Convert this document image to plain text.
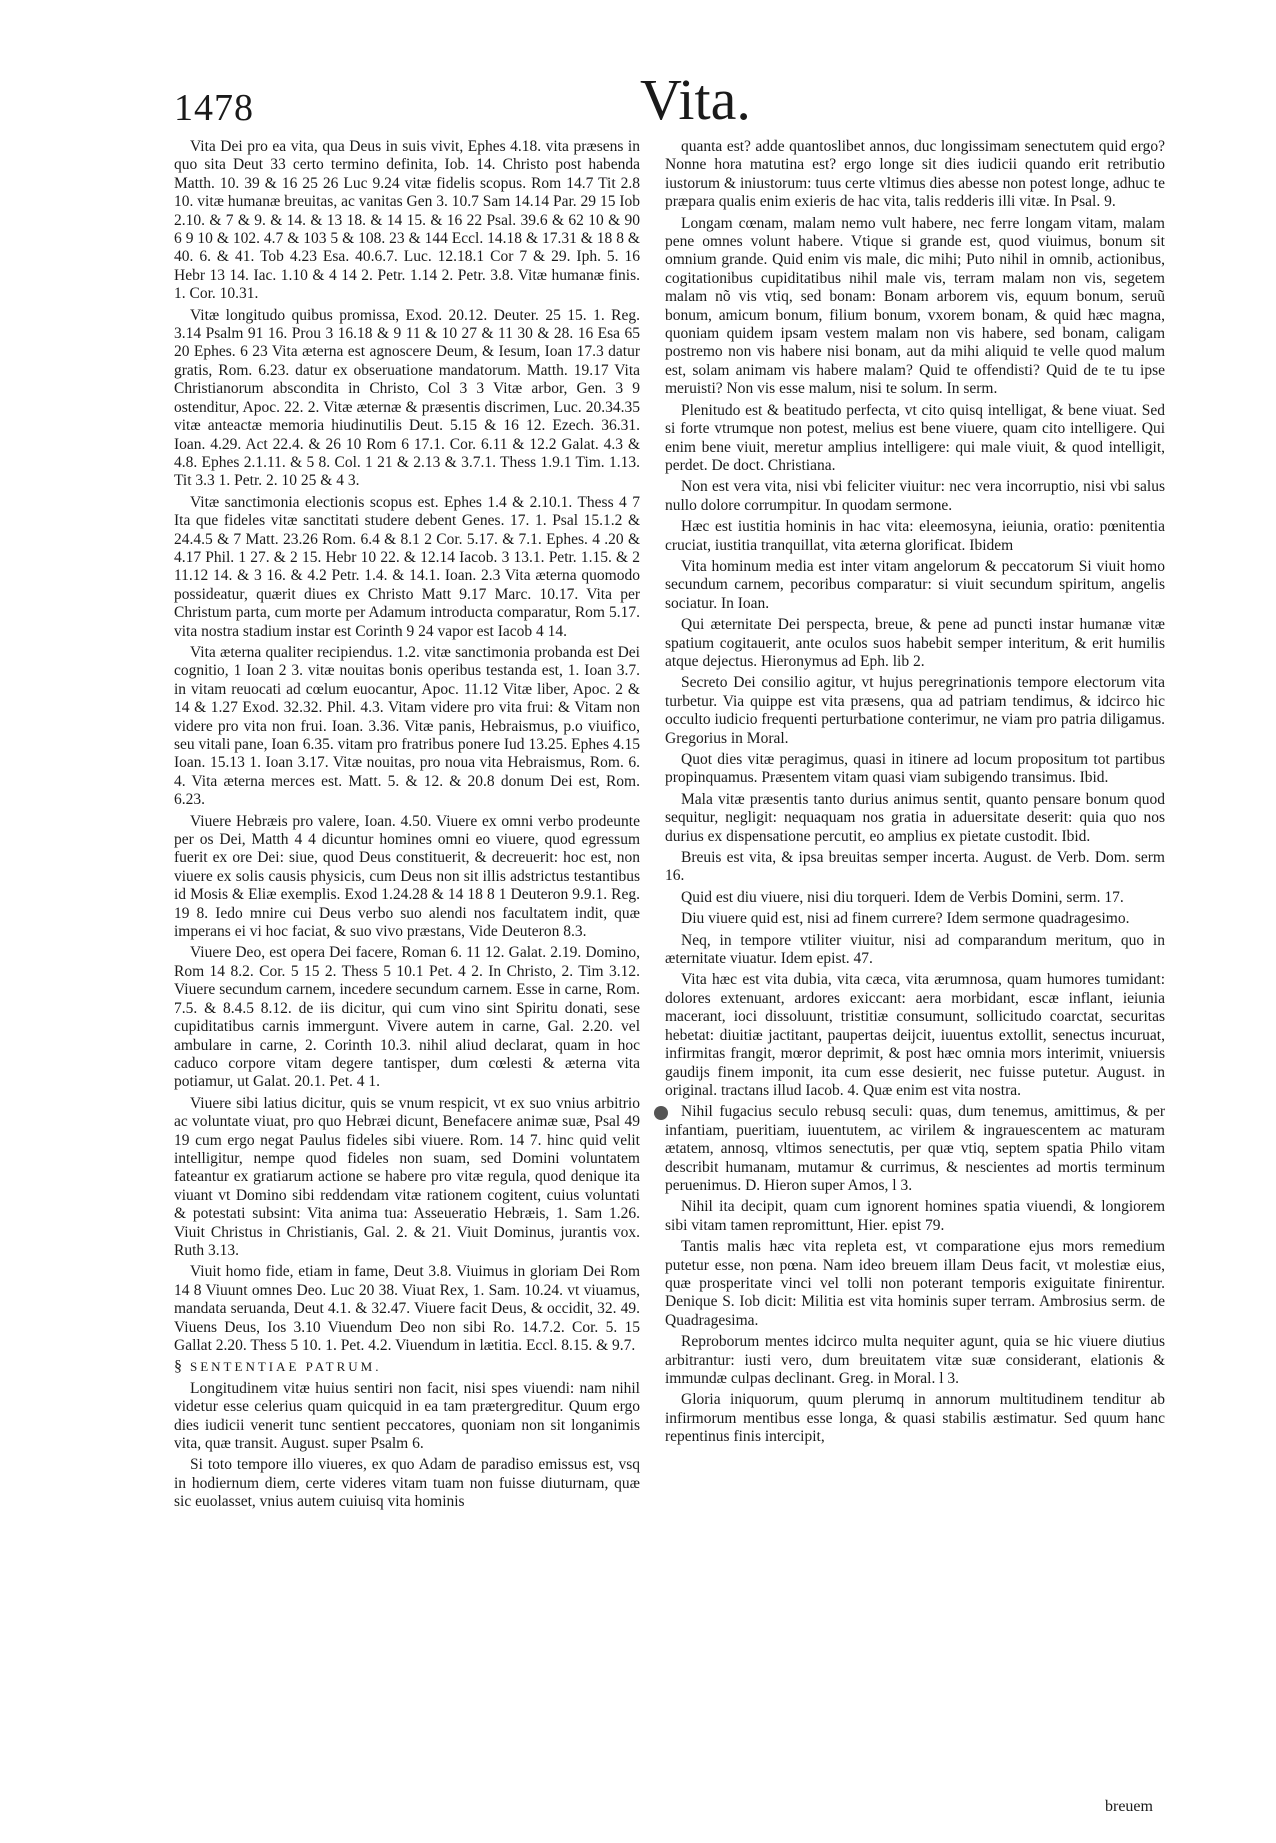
1478	Vita.

Vita Dei pro ea vita, qua Deus in suis vivit, Ephes 4.18. vita præsens in quo sita Deut 33 certo termino definita, Iob. 14. Christo post habenda Matth. 10. 39 & 16 25 26 Luc 9.24 vitæ fidelis scopus. Rom 14.7 Tit 2.8 10. vitæ humanæ breuitas, ac vanitas Gen 3. 10.7 Sam 14.14 Par. 29 15 Iob 2.10. & 7 & 9. & 14. & 13 18. & 14 15. & 16 22 Psal. 39.6 & 62 10 & 90 6 9 10 & 102. 4.7 & 103 5 & 108. 23 & 144 Eccl. 14.18 & 17.31 & 18 8 & 40. 6. & 41. Tob 4.23 Esa. 40.6.7. Luc. 12.18.1 Cor 7 & 29. Iph. 5. 16 Hebr 13 14. Iac. 1.10 & 4 14 2. Petr. 1.14 2. Petr. 3.8. Vitæ humanæ finis. 1. Cor. 10.31.

Vitæ longitudo quibus promissa, Exod. 20.12. Deuter. 25 15. 1. Reg. 3.14 Psalm 91 16. Prou 3 16.18 & 9 11 & 10 27 & 11 30 & 28. 16 Esa 65 20 Ephes. 6 23 Vita æterna est agnoscere Deum, & Iesum, Ioan 17.3 datur gratis, Rom. 6.23. datur ex obseruatione mandatorum. Matth. 19.17 Vita Christianorum abscondita in Christo, Col 3 3 Vitæ arbor, Gen. 3 9 ostenditur, Apoc. 22. 2. Vitæ æternæ & præsentis discrimen, Luc. 20.34.35 vitæ anteactæ memoria hiudinutilis Deut. 5.15 & 16 12. Ezech. 36.31. Ioan. 4.29. Act 22.4. & 26 10 Rom 6 17.1. Cor. 6.11 & 12.2 Galat. 4.3 & 4.8. Ephes 2.1.11. & 5 8. Col. 1 21 & 2.13 & 3.7.1. Thess 1.9.1 Tim. 1.13. Tit 3.3 1. Petr. 2. 10 25 & 4 3.

Vitæ sanctimonia electionis scopus est. Ephes 1.4 & 2.10.1. Thess 4 7 Ita que fideles vitæ sanctitati studere debent Genes. 17. 1. Psal 15.1.2 & 24.4.5 & 7 Matt. 23.26 Rom. 6.4 & 8.1 2 Cor. 5.17. & 7.1. Ephes. 4 .20 & 4.17 Phil. 1 27. & 2 15. Hebr 10 22. & 12.14 Iacob. 3 13.1. Petr. 1.15. & 2 11.12 14. & 3 16. & 4.2 Petr. 1.4. & 14.1. Ioan. 2.3 Vita æterna quomodo possideatur, quærit diues ex Christo Matt 9.17 Marc. 10.17. Vita per Christum parta, cum morte per Adamum introducta comparatur, Rom 5.17. vita nostra stadium instar est Corinth 9 24 vapor est Iacob 4 14.

Vita æterna qualiter recipiendus. 1.2. vitæ sanctimonia probanda est Dei cognitio, 1 Ioan 2 3. vitæ nouitas bonis operibus testanda est, 1. Ioan 3.7. in vitam reuocati ad cœlum euocantur, Apoc. 11.12 Vitæ liber, Apoc. 2 & 14 & 1.27 Exod. 32.32. Phil. 4.3. Vitam videre pro vita frui: & Vitam non videre pro vita non frui. Ioan. 3.36. Vitæ panis, Hebraismus, p.o viuifico, seu vitali pane, Ioan 6.35. vitam pro fratribus ponere Iud 13.25. Ephes 4.15 Ioan. 15.13 1. Ioan 3.17. Vitæ nouitas, pro noua vita Hebraismus, Rom. 6. 4. Vita æterna merces est. Matt. 5. & 12. & 20.8 donum Dei est, Rom. 6.23.

Viuere Hebræis pro valere, Ioan. 4.50. Viuere ex omni verbo prodeunte per os Dei, Matth 4 4 dicuntur homines omni eo viuere, quod egressum fuerit ex ore Dei: siue, quod Deus constituerit, & decreuerit: hoc est, non viuere ex solis causis physicis, cum Deus non sit illis adstrictus testantibus id Mosis & Eliæ exemplis. Exod 1.24.28 & 14 18 8 1 Deuteron 9.9.1. Reg. 19 8. Iedo mnire cui Deus verbo suo alendi nos facultatem indit, quæ imperans ei vi hoc faciat, & suo vivo præstans, Vide Deuteron 8.3.

Viuere Deo, est opera Dei facere, Roman 6. 11 12. Galat. 2.19. Domino, Rom 14 8.2. Cor. 5 15 2. Thess 5 10.1 Pet. 4 2. In Christo, 2. Tim 3.12. Viuere secundum carnem, incedere secundum carnem. Esse in carne, Rom. 7.5. & 8.4.5 8.12. de iis dicitur, qui cum vino sint Spiritu donati, sese cupiditatibus carnis immergunt. Vivere autem in carne, Gal. 2.20. vel ambulare in carne, 2. Corinth 10.3. nihil aliud declarat, quam in hoc caduco corpore vitam degere tantisper, dum cœlesti & æterna vita potiamur, ut Galat. 20.1. Pet. 4 1.

Viuere sibi latius dicitur, quis se vnum respicit, vt ex suo vnius arbitrio ac voluntate viuat, pro quo Hebræi dicunt, Benefacere animæ suæ, Psal 49 19 cum ergo negat Paulus fideles sibi viuere. Rom. 14 7. hinc quid velit intelligitur, nempe quod fideles non suam, sed Domini voluntatem fateantur ex gratiarum actione se habere pro vitæ regula, quod denique ita viuant vt Domino sibi reddendam vitæ rationem cogitent, cuius voluntati & potestati subsint: Vita anima tua: Asseueratio Hebræis, 1. Sam 1.26. Viuit Christus in Christianis, Gal. 2. & 21. Viuit Dominus, jurantis vox. Ruth 3.13.

Viuit homo fide, etiam in fame, Deut 3.8. Viuimus in gloriam Dei Rom 14 8 Viuunt omnes Deo. Luc 20 38. Viuat Rex, 1. Sam. 10.24. vt viuamus, mandata seruanda, Deut 4.1. & 32.47. Viuere facit Deus, & occidit, 32. 49. Viuens Deus, Ios 3.10 Viuendum Deo non sibi Ro. 14.7.2. Cor. 5. 15 Gallat 2.20. Thess 5 10. 1. Pet. 4.2. Viuendum in lætitia. Eccl. 8.15. & 9.7.

§ SENTENTIAE PATRUM.

Longitudinem vitæ huius sentiri non facit, nisi spes viuendi: nam nihil videtur esse celerius quam quicquid in ea tam prætergreditur. Quum ergo dies iudicii venerit tunc sentient peccatores, quoniam non sit longanimis vita, quæ transit. August. super Psalm 6.

Si toto tempore illo viueres, ex quo Adam de paradiso emissus est, vsq in hodiernum diem, certe videres vitam tuam non fuisse diuturnam, quæ sic euolasset, vnius autem cuiuisq vita hominis

quanta est? adde quantoslibet annos, duc longissimam senectutem quid ergo? Nonne hora matutina est? ergo longe sit dies iudicii quando erit retributio iustorum & iniustorum: tuus certe vltimus dies abesse non potest longe, adhuc te præpara qualis enim exieris de hac vita, talis redderis illi vitæ. In Psal. 9.

Longam cœnam, malam nemo vult habere, nec ferre longam vitam, malam pene omnes volunt habere. Vtique si grande est, quod viuimus, bonum sit omnium grande. Quid enim vis male, dic mihi; Puto nihil in omnib, actionibus, cogitationibus cupiditatibus nihil male vis, terram malam non vis, segetem malam nõ vis vtiq, sed bonam: Bonam arborem vis, equum bonum, seruũ bonum, amicum bonum, filium bonum, vxorem bonam, & quid hæc magna, quoniam quidem ipsam vestem malam non vis habere, sed bonam, caligam postremo non vis habere nisi bonam, aut da mihi aliquid te velle quod malum est, solam animam vis habere malam? Quid te offendisti? Quid de te tu ipse meruisti? Non vis esse malum, nisi te solum. In serm.

Plenitudo est & beatitudo perfecta, vt cito quisq intelligat, & bene viuat. Sed si forte vtrumque non potest, melius est bene viuere, quam cito intelligere. Qui enim bene viuit, meretur amplius intelligere: qui male viuit, & quod intelligit, perdet. De doct. Christiana.

Non est vera vita, nisi vbi feliciter viuitur: nec vera incorruptio, nisi vbi salus nullo dolore corrumpitur. In quodam sermone.

Hæc est iustitia hominis in hac vita: eleemosyna, ieiunia, oratio: pœnitentia cruciat, iustitia tranquillat, vita æterna glorificat. Ibidem

Vita hominum media est inter vitam angelorum & peccatorum Si viuit homo secundum carnem, pecoribus comparatur: si viuit secundum spiritum, angelis sociatur. In Ioan.

Qui æternitate Dei perspecta, breue, & pene ad puncti instar humanæ vitæ spatium cogitauerit, ante oculos suos habebit semper interitum, & erit humilis atque dejectus. Hieronymus ad Eph. lib 2.

Secreto Dei consilio agitur, vt hujus peregrinationis tempore electorum vita turbetur. Via quippe est vita præsens, qua ad patriam tendimus, & idcirco hic occulto iudicio frequenti perturbatione conterimur, ne viam pro patria diligamus. Gregorius in Moral.

Quot dies vitæ peragimus, quasi in itinere ad locum propositum tot partibus propinquamus. Præsentem vitam quasi viam subigendo transimus. Ibid.

Mala vitæ præsentis tanto durius animus sentit, quanto pensare bonum quod sequitur, negligit: nequaquam nos gratia in aduersitate deserit: quia quo nos durius ex dispensatione percutit, eo amplius ex pietate custodit. Ibid.

Breuis est vita, & ipsa breuitas semper incerta. August. de Verb. Dom. serm 16.

Quid est diu viuere, nisi diu torqueri. Idem de Verbis Domini, serm. 17.

Diu viuere quid est, nisi ad finem currere? Idem sermone quadragesimo.

Neq, in tempore vtiliter viuitur, nisi ad comparandum meritum, quo in æternitate viuatur. Idem epist. 47.

Vita hæc est vita dubia, vita cæca, vita ærumnosa, quam humores tumidant: dolores extenuant, ardores exiccant: aera morbidant, escæ inflant, ieiunia macerant, ioci dissoluunt, tristitiæ consumunt, sollicitudo coarctat, securitas hebetat: diuitiæ jactitant, paupertas deijcit, iuuentus extollit, senectus incuruat, infirmitas frangit, mœror deprimit, & post hæc omnia mors interimit, vniuersis gaudijs finem imponit, ita cum esse desierit, nec fuisse putetur. August. in original. tractans illud Iacob. 4. Quæ enim est vita nostra.

Nihil fugacius seculo rebusq seculi: quas, dum tenemus, amittimus, & per infantiam, pueritiam, iuuentutem, ac virilem & ingrauescentem ac maturam ætatem, annosq, vltimos senectutis, per quæ vtiq, septem spatia Philo vitam describit humanam, mutamur & currimus, & nescientes ad mortis terminum peruenimus. D. Hieron super Amos, l 3.

Nihil ita decipit, quam cum ignorent homines spatia viuendi, & longiorem sibi vitam tamen repromittunt, Hier. epist 79.

Tantis malis hæc vita repleta est, vt comparatione ejus mors remedium putetur esse, non pœna. Nam ideo breuem illam Deus facit, vt molestiæ eius, quæ prosperitate vinci vel tolli non poterant temporis exiguitate finirentur. Denique S. Iob dicit: Militia est vita hominis super terram. Ambrosius serm. de Quadragesima.

Reproborum mentes idcirco multa nequiter agunt, quia se hic viuere diutius arbitrantur: iusti vero, dum breuitatem vitæ suæ considerant, elationis & immundæ culpas declinant. Greg. in Moral. l 3.

Gloria iniquorum, quum plerumq in annorum multitudinem tenditur ab infirmorum mentibus esse longa, & quasi stabilis æstimatur. Sed quum hanc repentinus finis intercipit,

breuem
